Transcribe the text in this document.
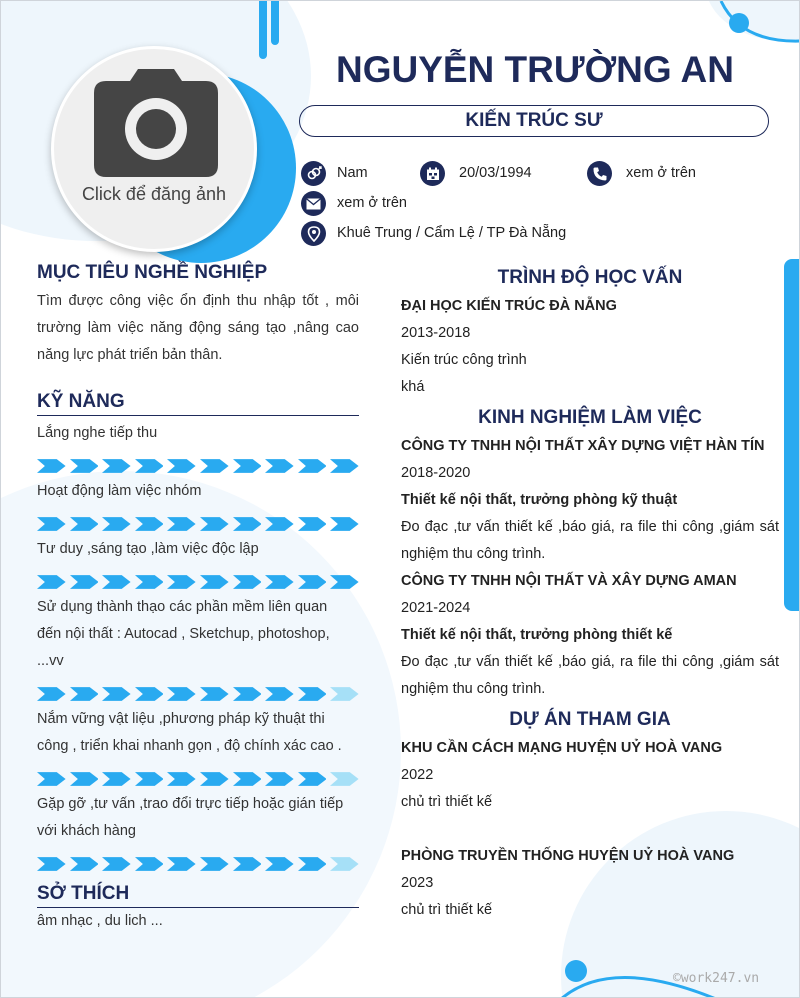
Click để đăng ảnh
NGUYỄN TRƯỜNG AN
KIẾN TRÚC SƯ
Nam	20/03/1994	xem ở trên
xem ở trên
Khuê Trung / Cẩm Lệ / TP Đà Nẵng
MỤC TIÊU NGHỀ NGHIỆP
Tìm được công việc ổn định thu nhập tốt , môi
trường làm việc năng động sáng tạo ,nâng cao
năng lực phát triển bản thân.
KỸ NĂNG
Lắng nghe tiếp thu
Hoạt động làm việc nhóm
Tư duy ,sáng tạo ,làm việc độc lập
Sử dụng thành thạo các phần mềm liên quan
đến nội thất : Autocad , Sketchup, photoshop,
...vv
Nắm vững vật liệu ,phương pháp kỹ thuật thi
công , triển khai nhanh gọn , độ chính xác cao .
Gặp gỡ ,tư vấn ,trao đổi trực tiếp hoặc gián tiếp
với khách hàng
SỞ THÍCH
âm nhạc , du lich ...
TRÌNH ĐỘ HỌC VẤN
ĐẠI HỌC KIẾN TRÚC ĐÀ NẴNG
2013-2018
Kiến trúc công trình
khá
KINH NGHIỆM LÀM VIỆC
CÔNG TY TNHH NỘI THẤT XÂY DỰNG VIỆT HÀN TÍN
2018-2020
Thiết kế nội thất, trưởng phòng kỹ thuật
Đo đạc ,tư vấn thiết kế ,báo giá, ra file thi công ,giám sát
nghiệm thu công trình.
CÔNG TY TNHH NỘI THẤT VÀ XÂY DỰNG AMAN
2021-2024
Thiết kế nội thất, trưởng phòng thiết kế
Đo đạc ,tư vấn thiết kế ,báo giá, ra file thi công ,giám sát
nghiệm thu công trình.
DỰ ÁN THAM GIA
KHU CẦN CÁCH MẠNG HUYỆN UỶ HOÀ VANG
2022
chủ trì thiết kế
PHÒNG TRUYỀN THỐNG HUYỆN UỶ HOÀ VANG
2023
chủ trì thiết kế
©work247.vn
